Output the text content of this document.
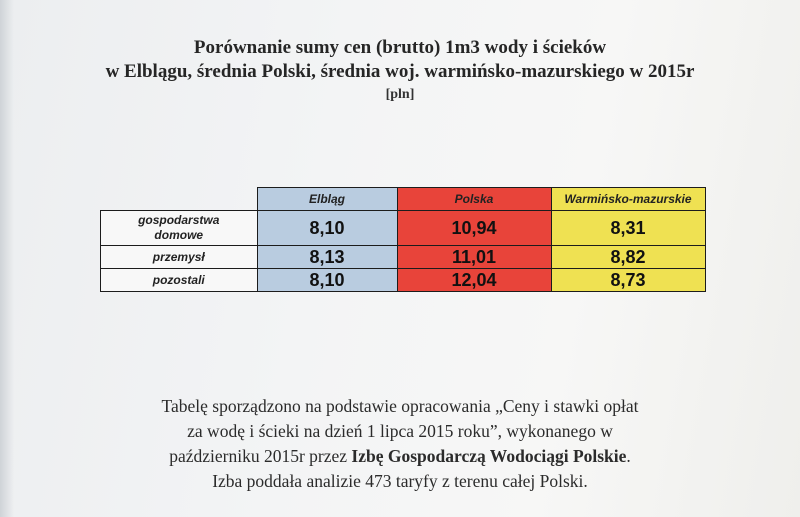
Porównanie sumy cen (brutto) 1m3 wody i ścieków
w Elblągu, średnia Polski, średnia woj. warmińsko-mazurskiego w 2015r
[pln]
	Elbląg	Polska	Warmińsko-mazurskie
gospodarstwa
domowe	8,10	10,94	8,31
przemysł	8,13	11,01	8,82
pozostali	8,10	12,04	8,73
Tabelę sporządzono na podstawie opracowania „Ceny i stawki opłat
za wodę i ścieki na dzień 1 lipca 2015 roku”, wykonanego w
październiku 2015r przez Izbę Gospodarczą Wodociągi Polskie.
Izba poddała analizie 473 taryfy z terenu całej Polski.
